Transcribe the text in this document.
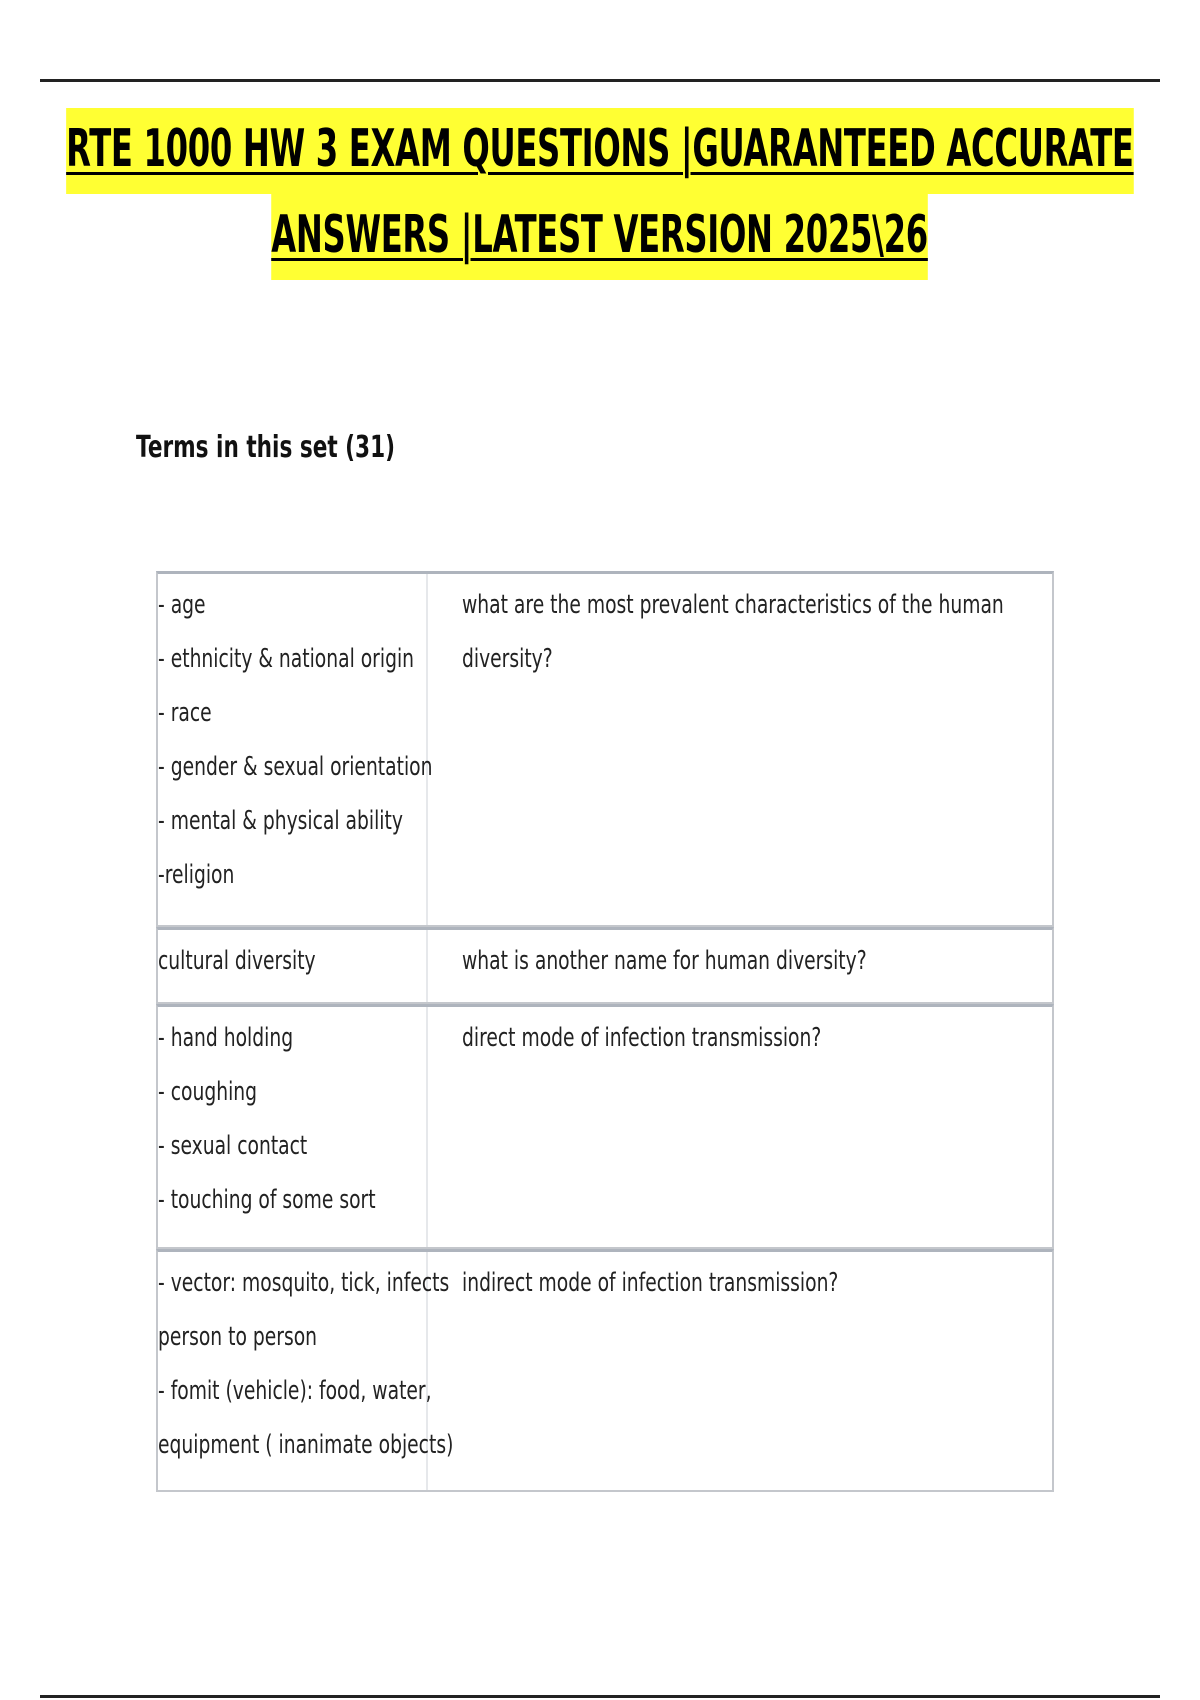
RTE 1000 HW 3 EXAM QUESTIONS |GUARANTEED ACCURATE
ANSWERS |LATEST VERSION 2025\26
Terms in this set (31)
- age
- ethnicity & national origin
- race
- gender & sexual orientation
- mental & physical ability
-religion
what are the most prevalent characteristics of the human
diversity?
cultural diversity	what is another name for human diversity?
- hand holding
- coughing
- sexual contact
- touching of some sort
direct mode of infection transmission?
- vector: mosquito, tick, infects
person to person
- fomit (vehicle): food, water,
equipment ( inanimate objects)
indirect mode of infection transmission?
